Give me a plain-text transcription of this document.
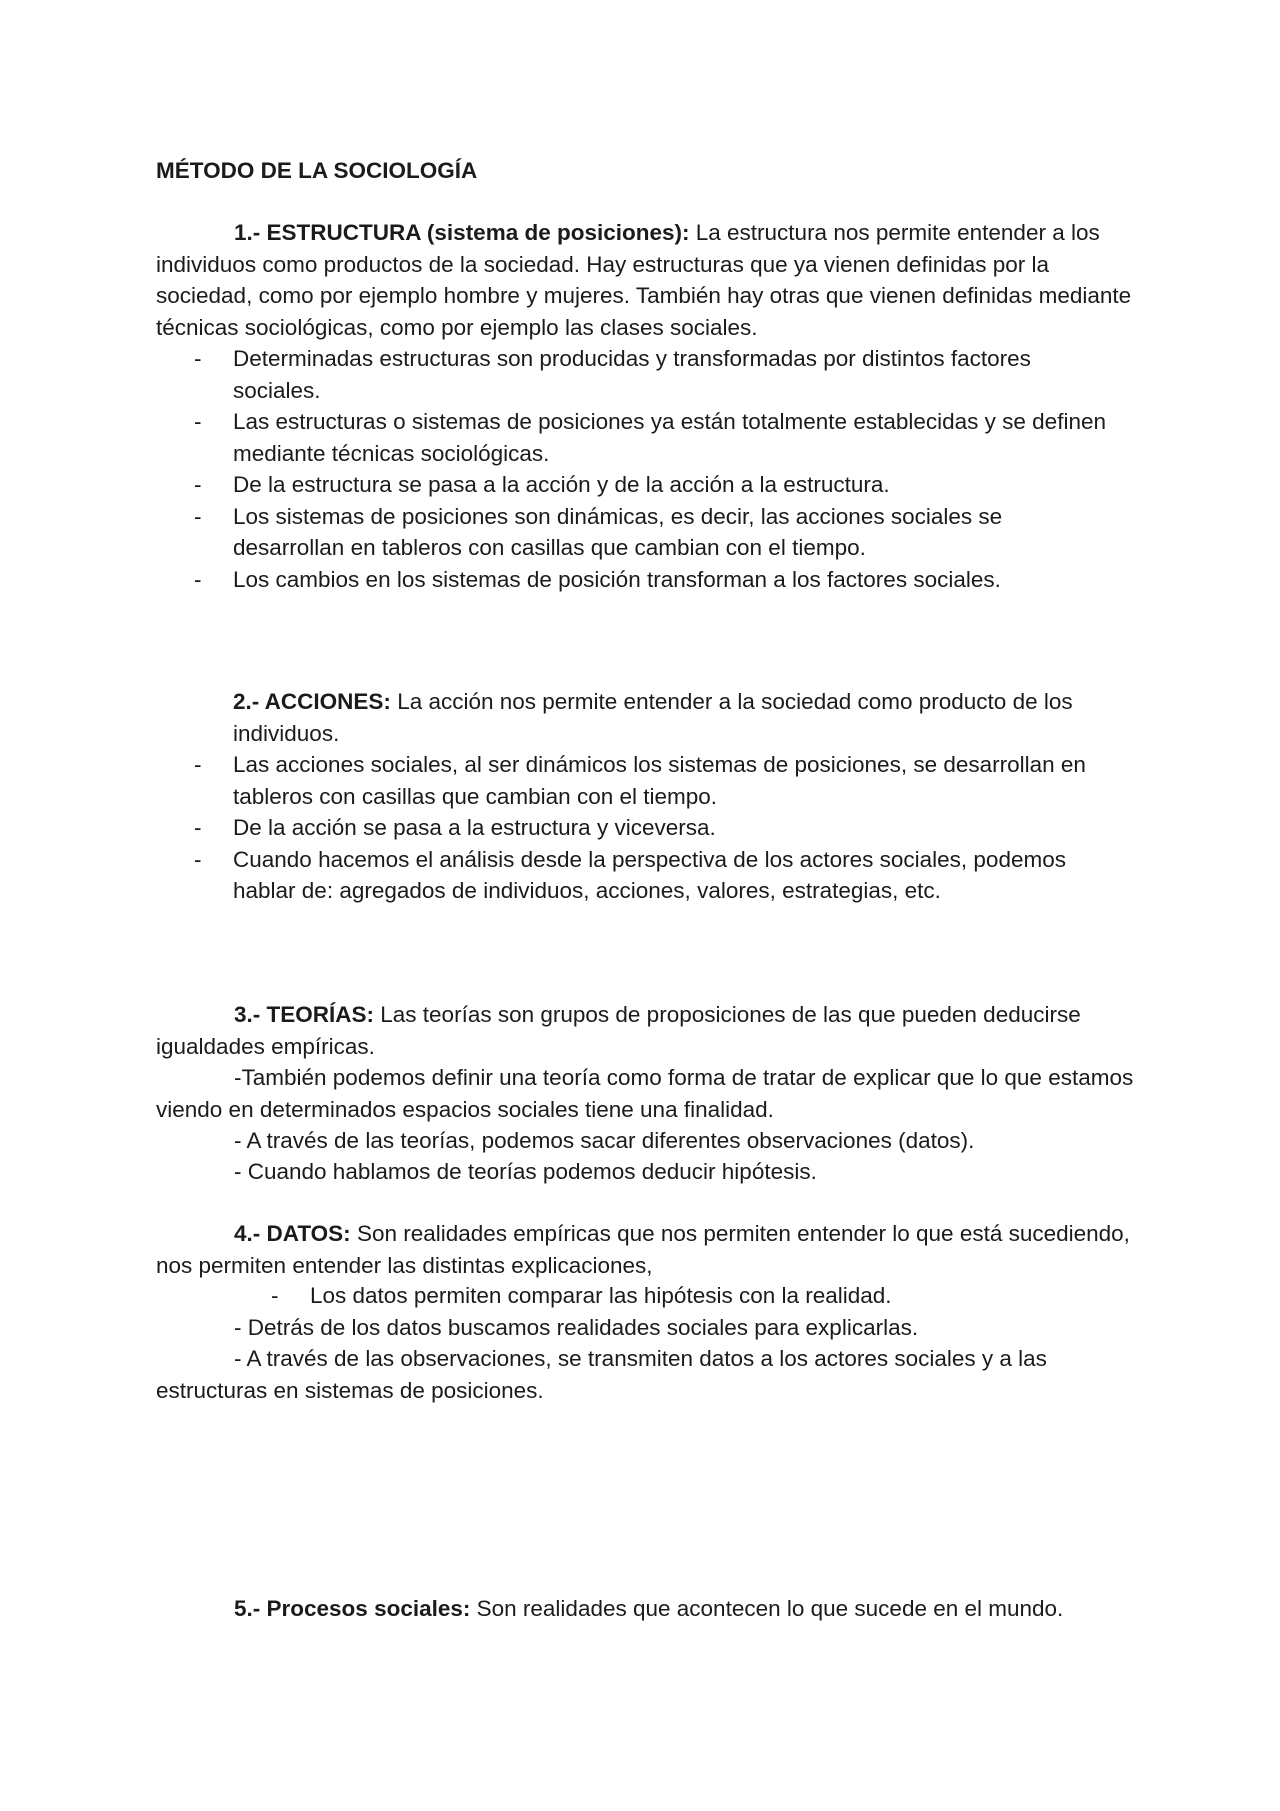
MÉTODO DE LA SOCIOLOGÍA

1.- ESTRUCTURA (sistema de posiciones): La estructura nos permite entender a los individuos como productos de la sociedad. Hay estructuras que ya vienen definidas por la sociedad, como por ejemplo hombre y mujeres. También hay otras que vienen definidas mediante técnicas sociológicas, como por ejemplo las clases sociales.

- Determinadas estructuras son producidas y transformadas por distintos factores sociales.
- Las estructuras o sistemas de posiciones ya están totalmente establecidas y se definen mediante técnicas sociológicas.
- De la estructura se pasa a la acción y de la acción a la estructura.
- Los sistemas de posiciones son dinámicas, es decir, las acciones sociales se desarrollan en tableros con casillas que cambian con el tiempo.
- Los cambios en los sistemas de posición transforman a los factores sociales.

2.- ACCIONES: La acción nos permite entender a la sociedad como producto de los individuos.

- Las acciones sociales, al ser dinámicos los sistemas de posiciones, se desarrollan en tableros con casillas que cambian con el tiempo.
- De la acción se pasa a la estructura y viceversa.
- Cuando hacemos el análisis desde la perspectiva de los actores sociales, podemos hablar de: agregados de individuos, acciones, valores, estrategias, etc.

3.- TEORÍAS: Las teorías son grupos de proposiciones de las que pueden deducirse igualdades empíricas.

-También podemos definir una teoría como forma de tratar de explicar que lo que estamos viendo en determinados espacios sociales tiene una finalidad.

- A través de las teorías, podemos sacar diferentes observaciones (datos).

- Cuando hablamos de teorías podemos deducir hipótesis.

4.- DATOS: Son realidades empíricas que nos permiten entender lo que está sucediendo, nos permiten entender las distintas explicaciones,

- Los datos permiten comparar las hipótesis con la realidad.

- Detrás de los datos buscamos realidades sociales para explicarlas.

- A través de las observaciones, se transmiten datos a los actores sociales y a las estructuras en sistemas de posiciones.

5.- Procesos sociales: Son realidades que acontecen lo que sucede en el mundo.
